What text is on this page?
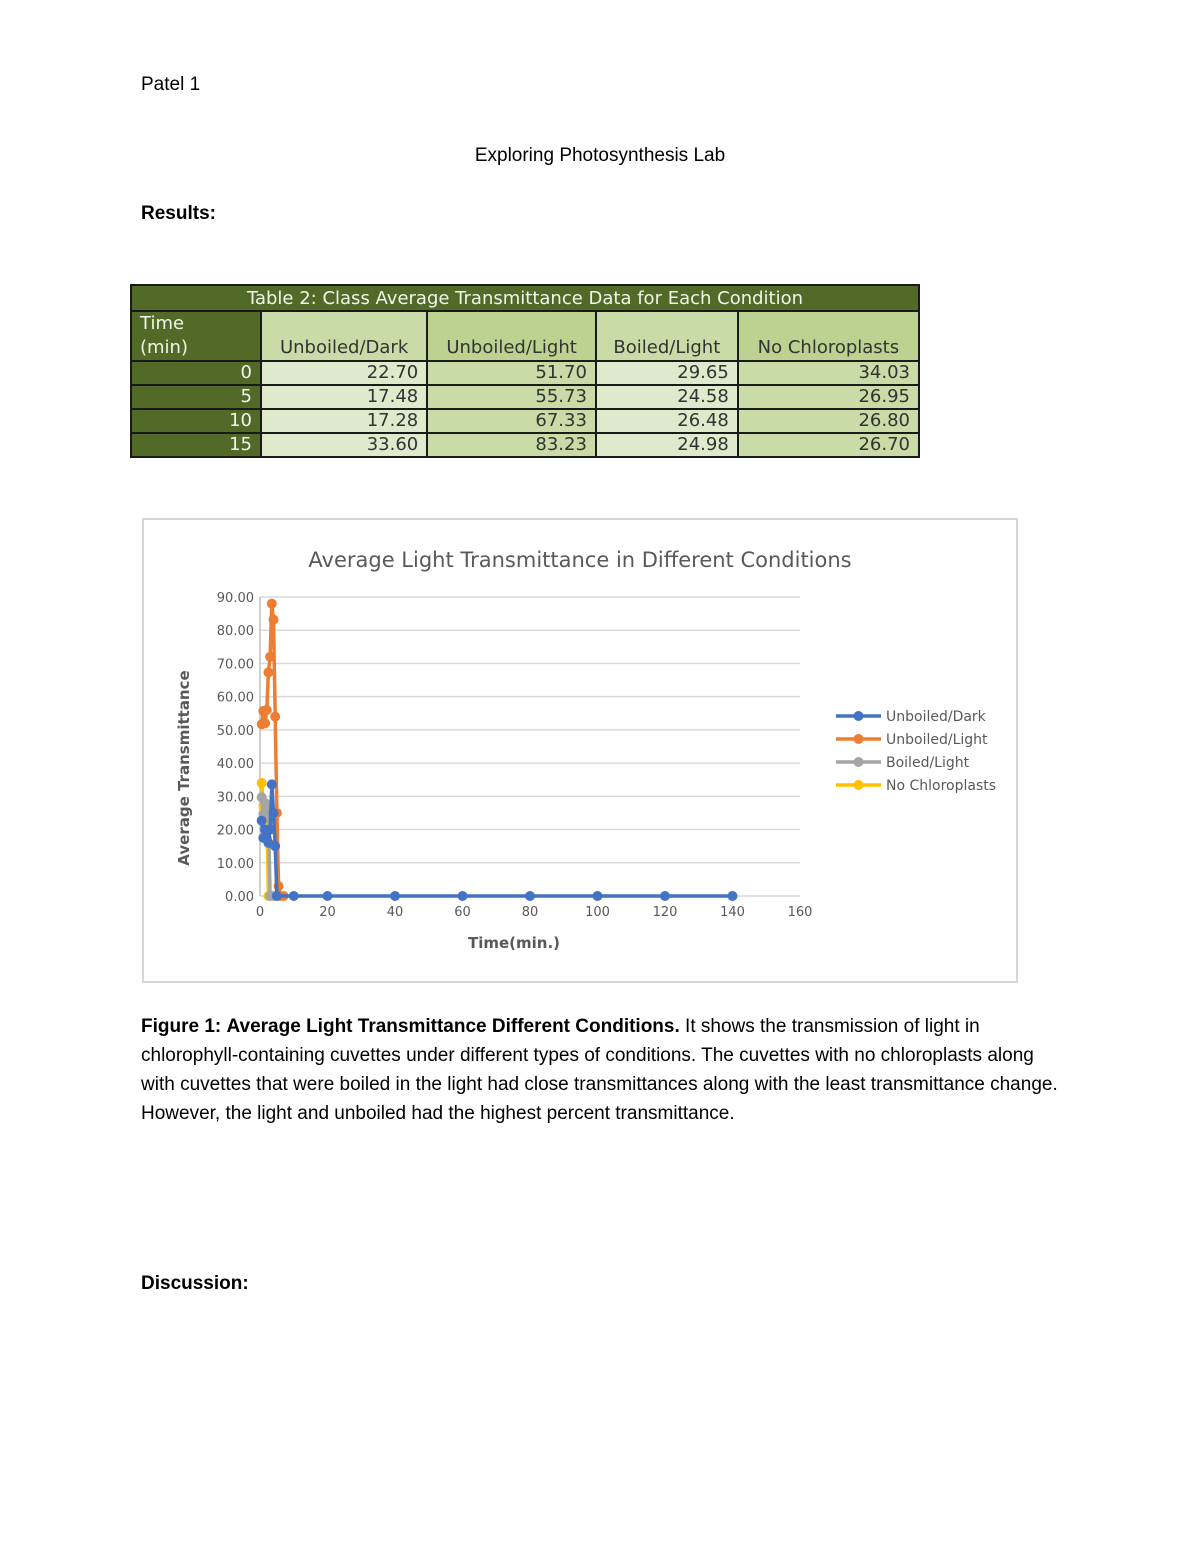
Patel 1
Exploring Photosynthesis Lab
Results:
Table 2: Class Average Transmittance Data for Each Condition				
Time
(min)	Unboiled/Dark	Unboiled/Light	Boiled/Light	No Chloroplasts
0	22.70	51.70	29.65	34.03
5	17.48	55.73	24.58	26.95
10	17.28	67.33	26.48	26.80
15	33.60	83.23	24.98	26.70
Average Light Transmittance in Different Conditions
0.00
10.00
20.00
30.00
40.00
50.00
60.00
70.00
80.00
90.00
0	20	40	60	80	100	120	140	160
Time(min.)
Average Transmittance	Unboiled/Dark
Unboiled/Light
Boiled/Light
No Chloroplasts
Figure 1: Average Light Transmittance Different Conditions. It shows the transmission of light in chlorophyll-containing cuvettes under different types of conditions. The cuvettes with no chloroplasts along with cuvettes that were boiled in the light had close transmittances along with the least transmittance change. However, the light and unboiled had the highest percent transmittance.
Discussion:
